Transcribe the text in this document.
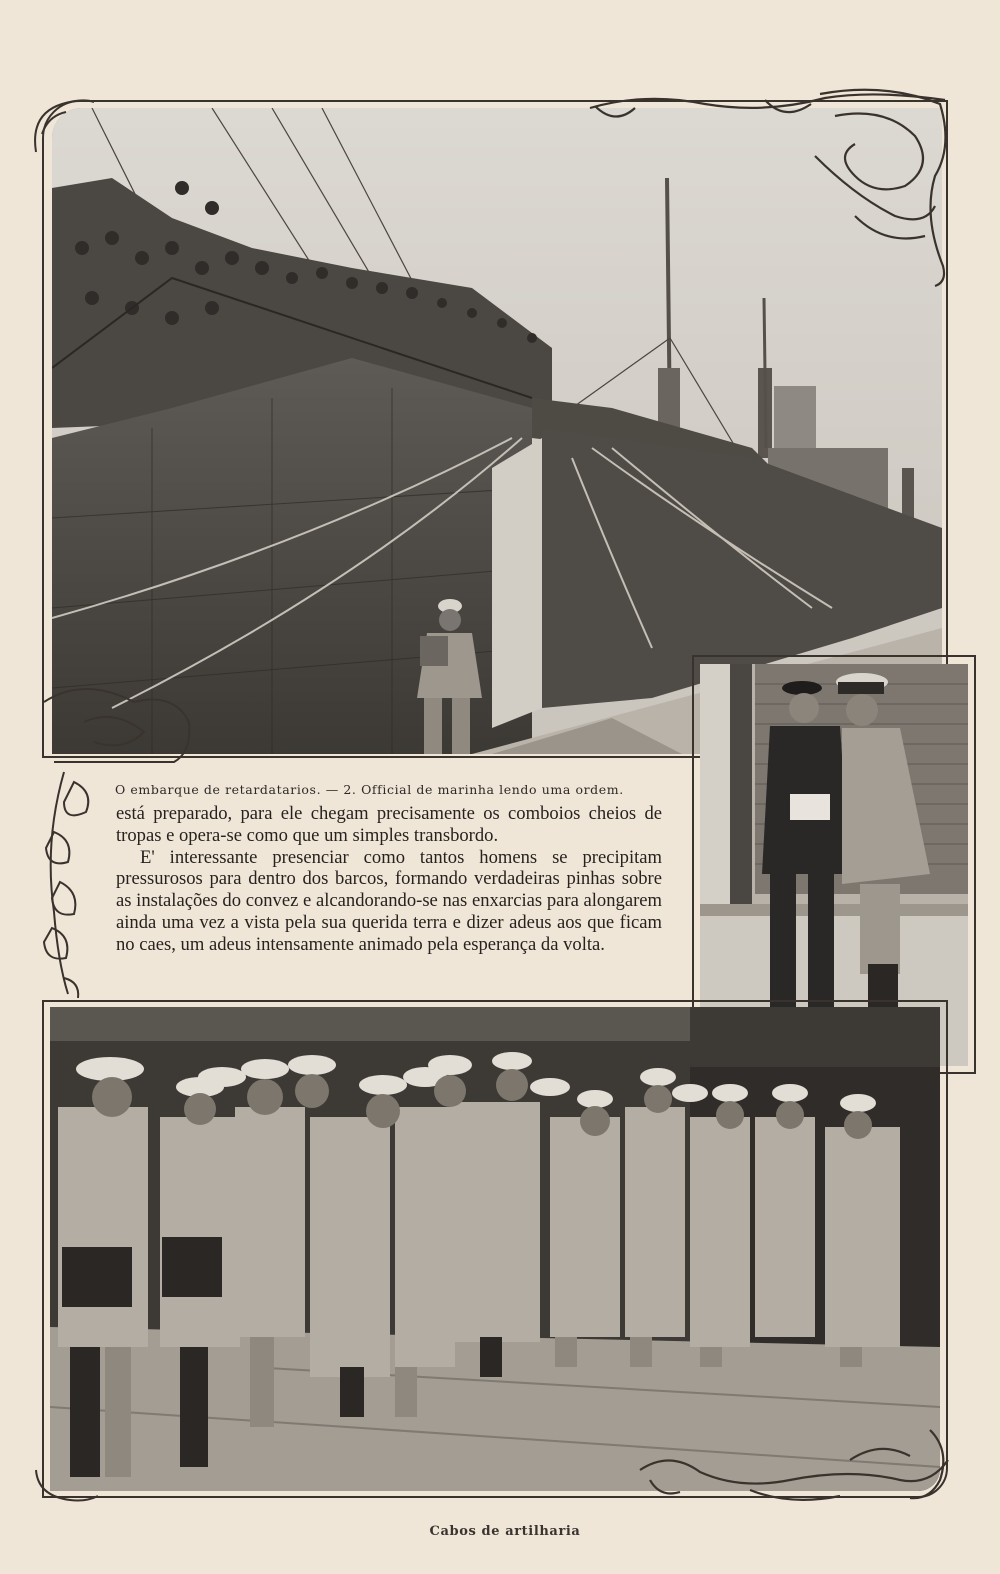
O embarque de retardatarios. — 2. Official de marinha lendo uma ordem.

está preparado, para ele chegam precisamente os comboios cheios de tropas e opera-se como que um simples transbordo.

E' interessante presenciar como tantos homens se precipitam pressurosos para dentro dos barcos, formando verdadeiras pinhas sobre as instalações do convez e alcandorando-se nas enxarcias para alongarem ainda uma vez a vista pela sua querida terra e dizer adeus aos que ficam no caes, um adeus intensamente animado pela esperança da volta.

Cabos de artilharia
